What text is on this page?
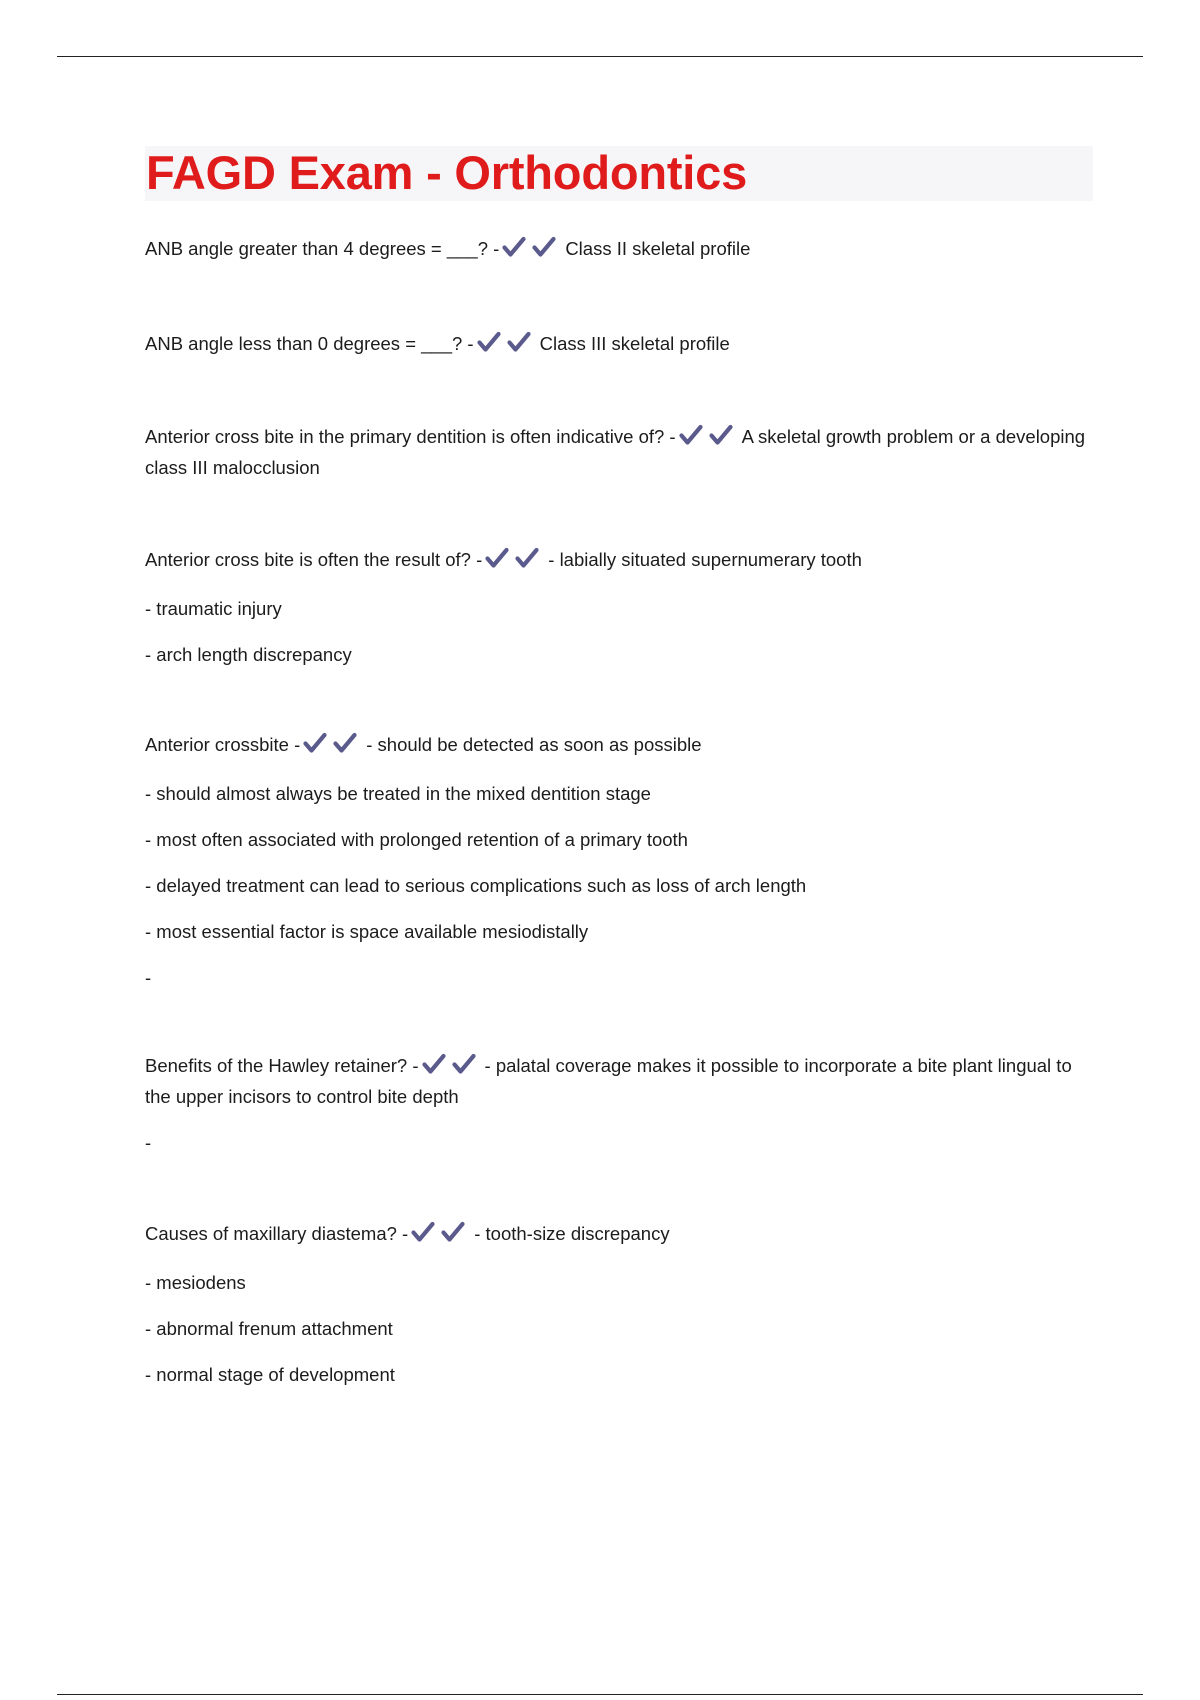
FAGD Exam - Orthodontics

ANB angle greater than 4 degrees = ___? -	Class II skeletal profile

ANB angle less than 0 degrees = ___? -	Class III skeletal profile

Anterior cross bite in the primary dentition is often indicative of? -	A skeletal growth problem or a developing class III malocclusion

Anterior cross bite is often the result of? -	- labially situated supernumerary tooth

- traumatic injury

- arch length discrepancy

Anterior crossbite -	- should be detected as soon as possible

- should almost always be treated in the mixed dentition stage

- most often associated with prolonged retention of a primary tooth

- delayed treatment can lead to serious complications such as loss of arch length

- most essential factor is space available mesiodistally

-

Benefits of the Hawley retainer? -	- palatal coverage makes it possible to incorporate a bite plant lingual to the upper incisors to control bite depth

-

Causes of maxillary diastema? -	- tooth-size discrepancy

- mesiodens

- abnormal frenum attachment

- normal stage of development
